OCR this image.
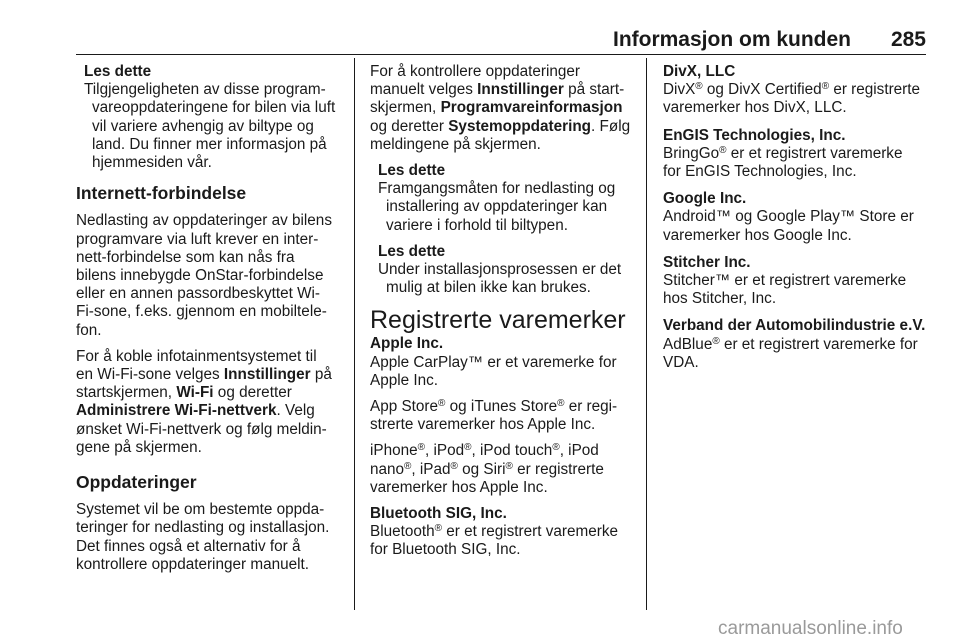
Informasjon om kunden 285
Les dette
Tilgjengeligheten av disse program-
vareoppdateringene for bilen via luft
vil variere avhengig av biltype og
land. Du finner mer informasjon på
hjemmesiden vår.
Internett-forbindelse

Nedlasting av oppdateringer av bilens
programvare via luft krever en inter-
nett-forbindelse som kan nås fra
bilens innebygde OnStar-forbindelse
eller en annen passordbeskyttet Wi-
Fi-sone, f.eks. gjennom en mobiltele-
fon.

For å koble infotainmentsystemet til
en Wi-Fi-sone velges Innstillinger på
startskjermen, Wi-Fi og deretter
Administrere Wi-Fi-nettverk. Velg
ønsket Wi-Fi-nettverk og følg meldin-
gene på skjermen.

Oppdateringer

Systemet vil be om bestemte oppda-
teringer for nedlasting og installasjon.
Det finnes også et alternativ for å
kontrollere oppdateringer manuelt.

For å kontrollere oppdateringer
manuelt velges Innstillinger på start-
skjermen, Programvareinformasjon
og deretter Systemoppdatering. Følg
meldingene på skjermen.

Les dette
Framgangsmåten for nedlasting og
installering av oppdateringer kan
variere i forhold til biltypen.
Les dette
Under installasjonsprosessen er det
mulig at bilen ikke kan brukes.
Registrerte varemerker
Apple Inc.

Apple CarPlay™ er et varemerke for
Apple Inc.

App Store® og iTunes Store® er regi-
strerte varemerker hos Apple Inc.

iPhone®, iPod®, iPod touch®, iPod
nano®, iPad® og Siri® er registrerte
varemerker hos Apple Inc.

Bluetooth SIG, Inc.

Bluetooth® er et registrert varemerke
for Bluetooth SIG, Inc.

DivX, LLC
DivX® og DivX Certified® er registrerte
varemerker hos DivX, LLC.
EnGIS Technologies, Inc.
BringGo® er et registrert varemerke
for EnGIS Technologies, Inc.
Google Inc.
Android™ og Google Play™ Store er
varemerker hos Google Inc.
Stitcher Inc.
Stitcher™ er et registrert varemerke
hos Stitcher, Inc.
Verband der Automobilindustrie e.V.
AdBlue® er et registrert varemerke for
VDA.
carmanualsonline.info
